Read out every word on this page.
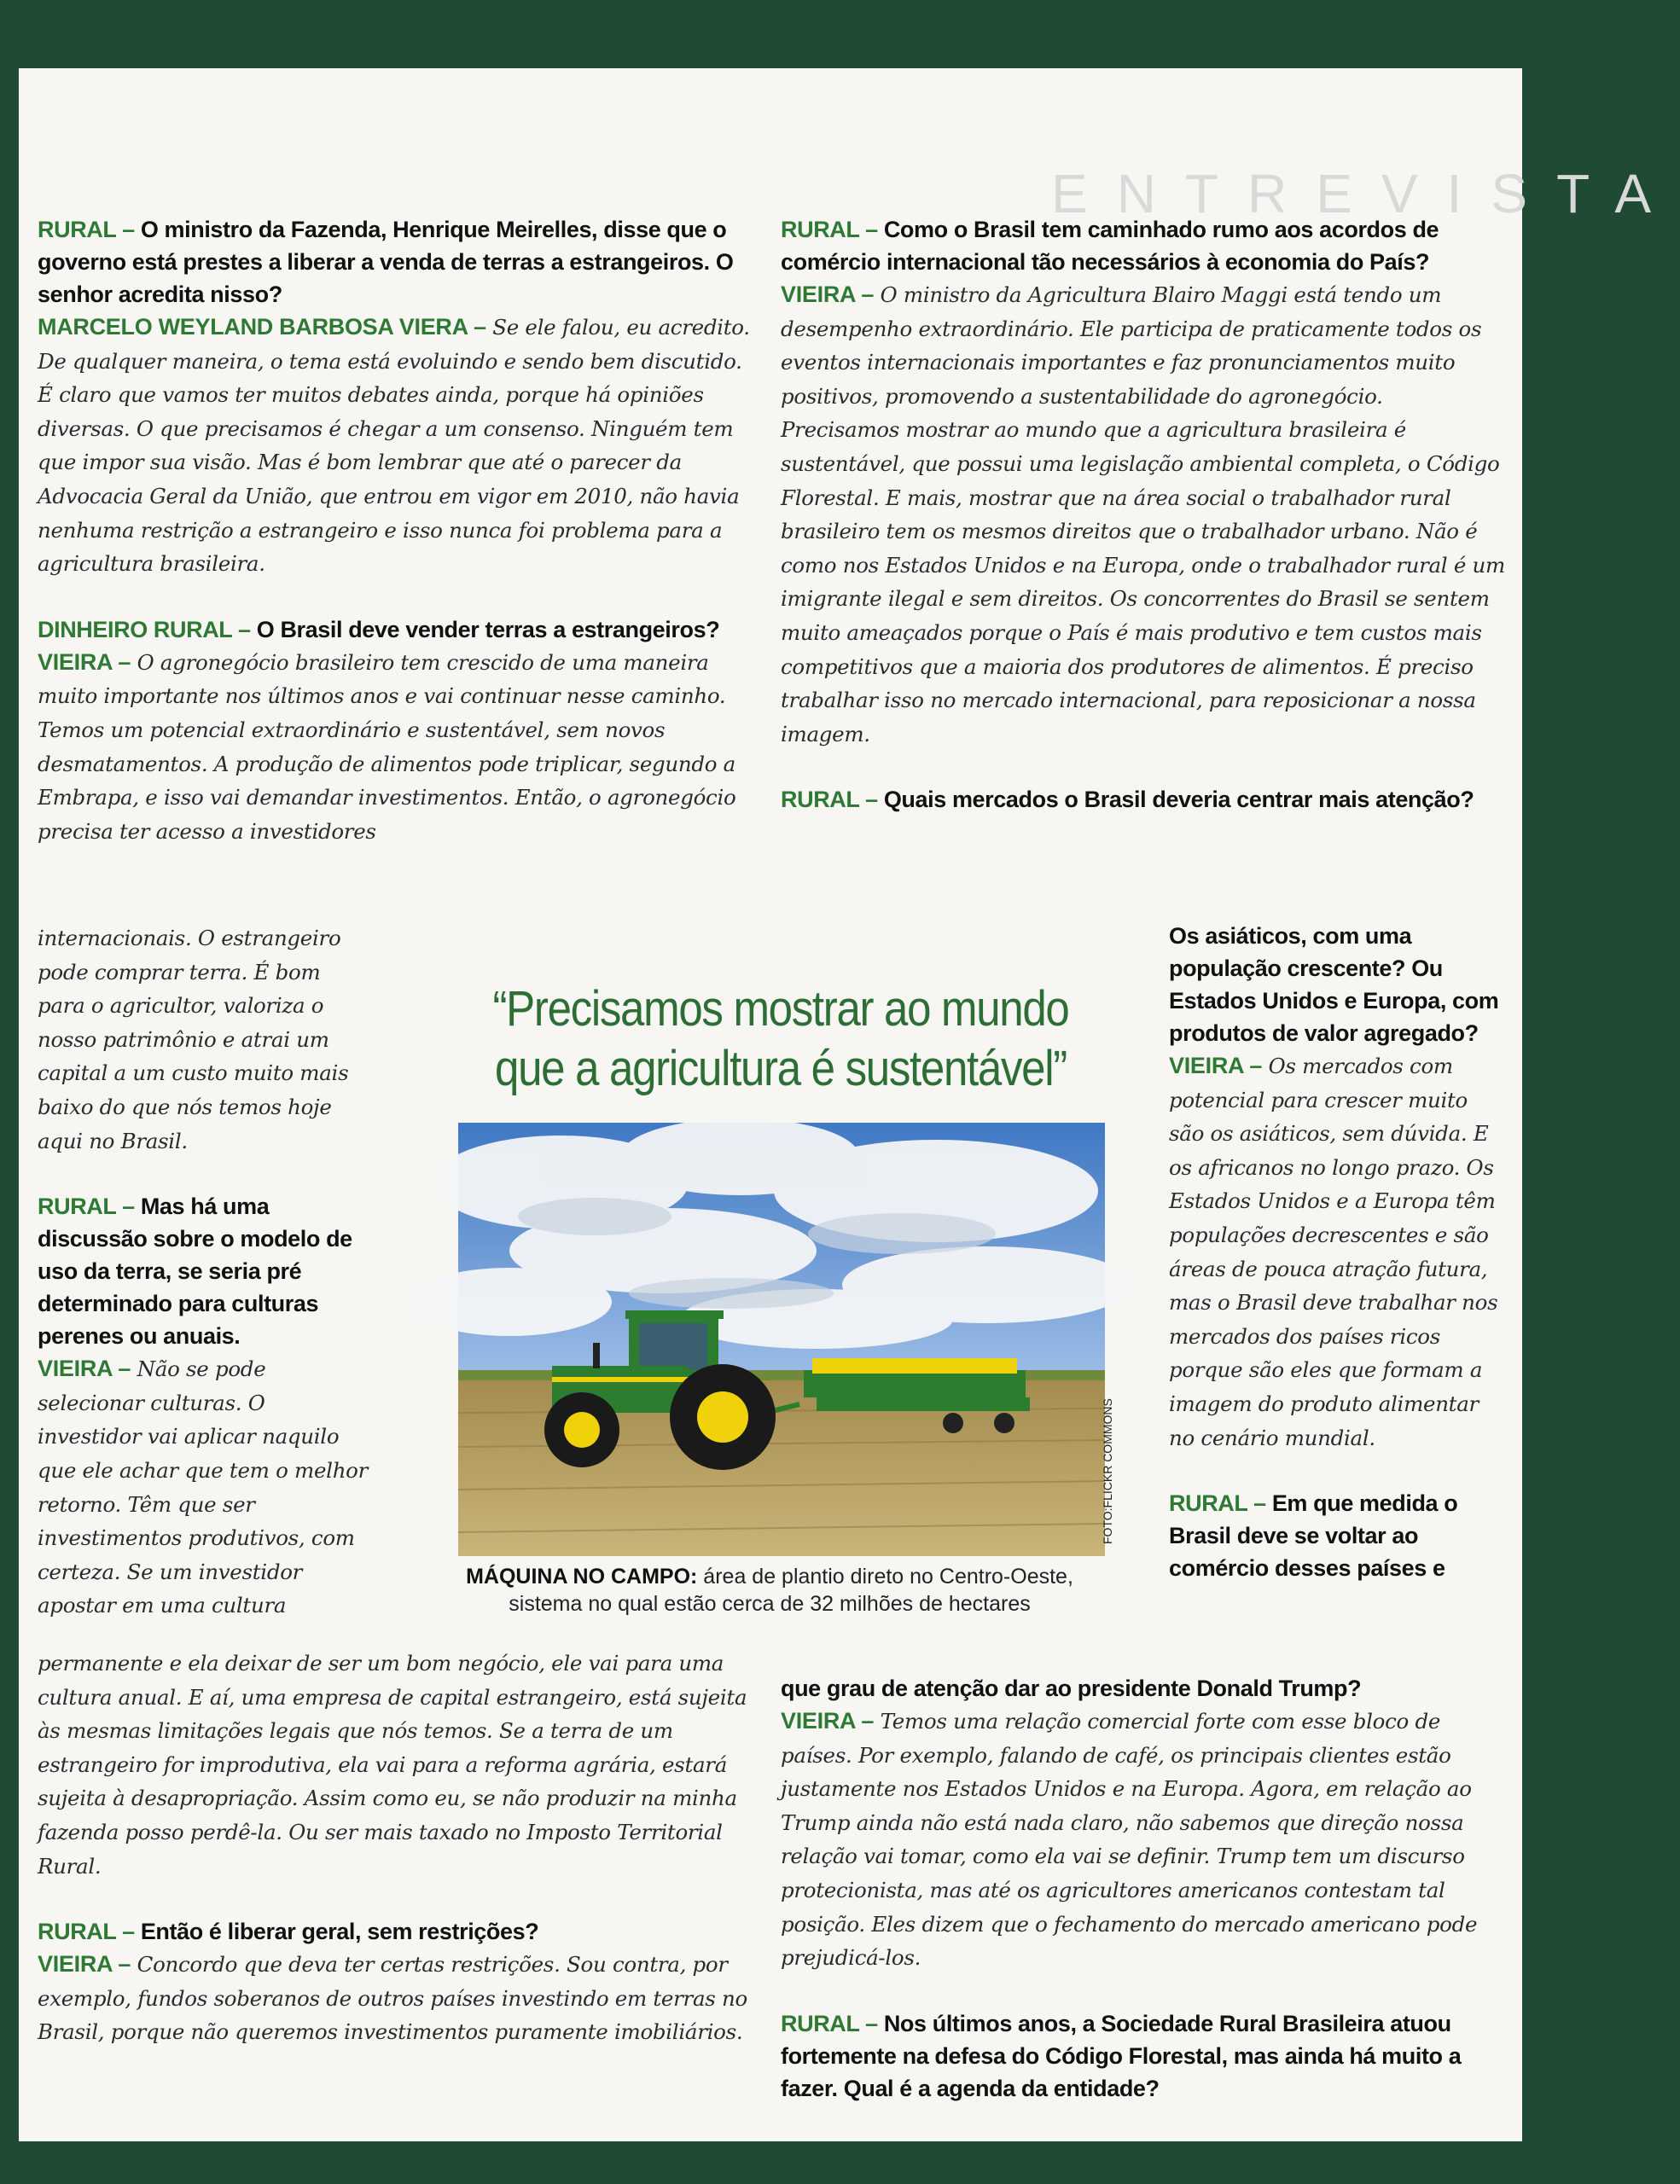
ENTREVISTA

RURAL – O ministro da Fazenda, Henrique Meirelles, disse que o governo está prestes a liberar a venda de terras a estrangeiros. O senhor acredita nisso?

MARCELO WEYLAND BARBOSA VIERA – Se ele falou, eu acredito. De qualquer maneira, o tema está evoluindo e sendo bem discutido. É claro que vamos ter muitos debates ainda, porque há opiniões diversas. O que precisamos é chegar a um consenso. Ninguém tem que impor sua visão. Mas é bom lembrar que até o parecer da Advocacia Geral da União, que entrou em vigor em 2010, não havia nenhuma restrição a estrangeiro e isso nunca foi problema para a agricultura brasileira.

DINHEIRO RURAL – O Brasil deve vender terras a estrangeiros?

VIEIRA – O agronegócio brasileiro tem crescido de uma maneira muito importante nos últimos anos e vai continuar nesse caminho. Temos um potencial extraordinário e sustentável, sem novos desmatamentos. A produção de alimentos pode triplicar, segundo a Embrapa, e isso vai demandar investimentos. Então, o agronegócio precisa ter acesso a investidores

internacionais. O estrangeiro pode comprar terra. É bom para o agricultor, valoriza o nosso patrimônio e atrai um capital a um custo muito mais baixo do que nós temos hoje aqui no Brasil.

RURAL – Mas há uma discussão sobre o modelo de uso da terra, se seria pré determinado para culturas perenes ou anuais.

VIEIRA – Não se pode selecionar culturas. O investidor vai aplicar naquilo que ele achar que tem o melhor retorno. Têm que ser investimentos produtivos, com certeza. Se um investidor apostar em uma cultura

permanente e ela deixar de ser um bom negócio, ele vai para uma cultura anual. E aí, uma empresa de capital estrangeiro, está sujeita às mesmas limitações legais que nós temos. Se a terra de um estrangeiro for improdutiva, ela vai para a reforma agrária, estará sujeita à desapropriação. Assim como eu, se não produzir na minha fazenda posso perdê-la. Ou ser mais taxado no Imposto Territorial Rural.

RURAL – Então é liberar geral, sem restrições?

VIEIRA – Concordo que deva ter certas restrições. Sou contra, por exemplo, fundos soberanos de outros países investindo em terras no Brasil, porque não queremos investimentos puramente imobiliários.

RURAL – Como o Brasil tem caminhado rumo aos acordos de comércio internacional tão necessários à economia do País?

VIEIRA – O ministro da Agricultura Blairo Maggi está tendo um desempenho extraordinário. Ele participa de praticamente todos os eventos internacionais importantes e faz pronunciamentos muito positivos, promovendo a sustentabilidade do agronegócio. Precisamos mostrar ao mundo que a agricultura brasileira é sustentável, que possui uma legislação ambiental completa, o Código Florestal. E mais, mostrar que na área social o trabalhador rural brasileiro tem os mesmos direitos que o trabalhador urbano. Não é como nos Estados Unidos e na Europa, onde o trabalhador rural é um imigrante ilegal e sem direitos. Os concorrentes do Brasil se sentem muito ameaçados porque o País é mais produtivo e tem custos mais competitivos que a maioria dos produtores de alimentos. É preciso trabalhar isso no mercado internacional, para reposicionar a nossa imagem.

RURAL – Quais mercados o Brasil deveria centrar mais atenção?

Os asiáticos, com uma população crescente? Ou Estados Unidos e Europa, com produtos de valor agregado?

VIEIRA – Os mercados com potencial para crescer muito são os asiáticos, sem dúvida. E os africanos no longo prazo. Os Estados Unidos e a Europa têm populações decrescentes e são áreas de pouca atração futura, mas o Brasil deve trabalhar nos mercados dos países ricos porque são eles que formam a imagem do produto alimentar no cenário mundial.

RURAL – Em que medida o Brasil deve se voltar ao comércio desses países e

que grau de atenção dar ao presidente Donald Trump?

VIEIRA – Temos uma relação comercial forte com esse bloco de países. Por exemplo, falando de café, os principais clientes estão justamente nos Estados Unidos e na Europa. Agora, em relação ao Trump ainda não está nada claro, não sabemos que direção nossa relação vai tomar, como ela vai se definir. Trump tem um discurso protecionista, mas até os agricultores americanos contestam tal posição. Eles dizem que o fechamento do mercado americano pode prejudicá-los.

RURAL – Nos últimos anos, a Sociedade Rural Brasileira atuou fortemente na defesa do Código Florestal, mas ainda há muito a fazer. Qual é a agenda da entidade?

“Precisamos mostrar ao mundo que a agricultura é sustentável”
FOTO:FLICKR COMMONS
MÁQUINA NO CAMPO: área de plantio direto no Centro-Oeste, sistema no qual estão cerca de 32 milhões de hectares
